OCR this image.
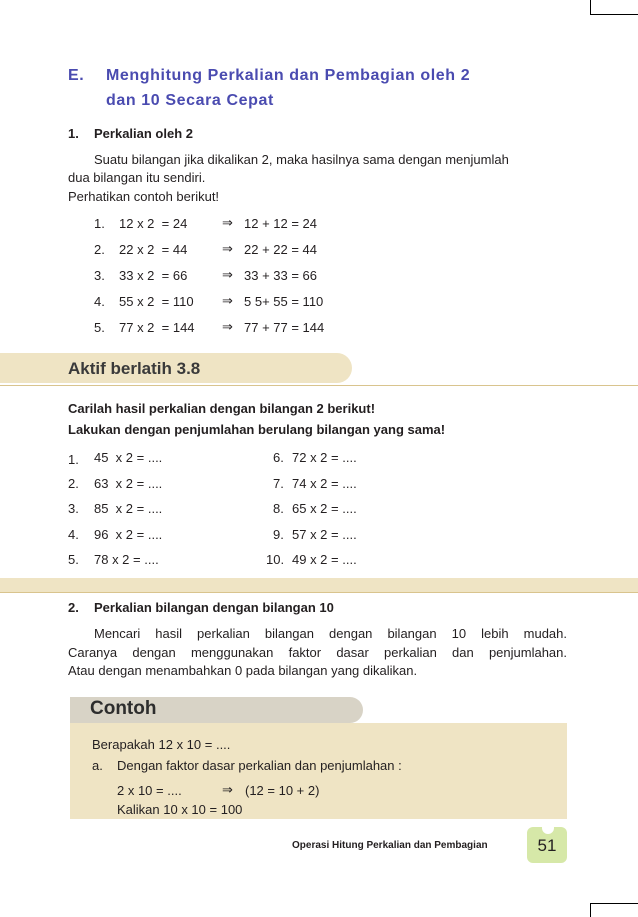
E. Menghitung Perkalian dan Pembagian oleh 2
dan 10 Secara Cepat
1. Perkalian oleh 2
Suatu bilangan jika dikalikan 2, maka hasilnya sama dengan menjumlah
dua bilangan itu sendiri.
Perhatikan contoh berikut!
1. 12 x 2  = 24	⇒ 12 + 12 = 24
2. 22 x 2  = 44	⇒ 22 + 22 = 44
3. 33 x 2  = 66	⇒ 33 + 33 = 66
4. 55 x 2  = 110 ⇒ 5 5+ 55 = 110
5. 77 x 2  = 144 ⇒ 77 + 77 = 144
Aktif berlatih 3.8
Carilah hasil perkalian dengan bilangan 2 berikut!
Lakukan dengan penjumlahan berulang bilangan yang sama!
1. 45  x 2 = ....
2. 63  x 2 = ....
3. 85  x 2 = ....
4. 96  x 2 = ....
5. 78 x 2 = ....
6. 72 x 2 = ....
7. 74 x 2 = ....
8. 65 x 2 = ....
9. 57 x 2 = ....
10. 49 x 2 = ....
2. Perkalian bilangan dengan bilangan 10
Mencari hasil perkalian bilangan dengan bilangan 10 lebih mudah.
Caranya dengan menggunakan faktor dasar perkalian dan penjumlahan.
Atau dengan menambahkan 0 pada bilangan yang dikalikan.
Contoh
Berapakah 12 x 10 = ....
a. Dengan faktor dasar perkalian dan penjumlahan :
2 x 10 = ....	⇒ (12 = 10 + 2)
Kalikan 10 x 10 = 100
Operasi Hitung Perkalian dan Pembagian	51
